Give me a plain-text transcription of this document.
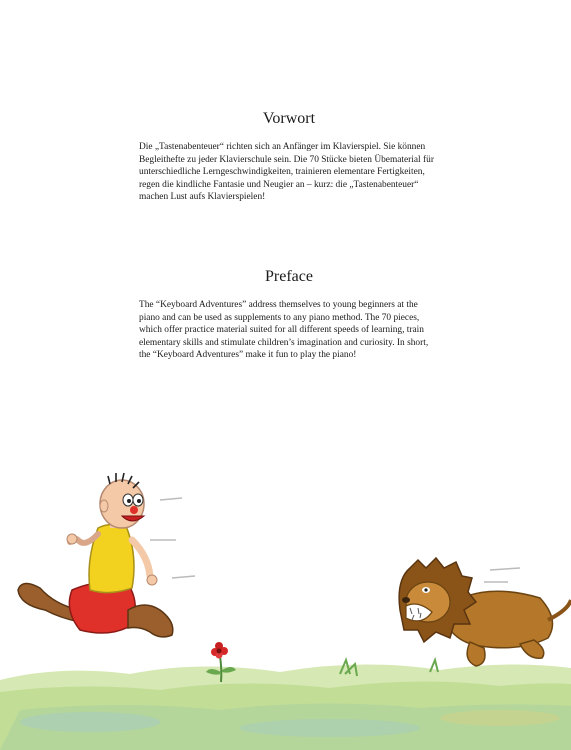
Vorwort

Die „Tastenabenteuer“ richten sich an Anfänger im Klavierspiel. Sie können Begleithefte zu jeder Klavierschule sein. Die 70 Stücke bieten Übematerial für unterschiedliche Lerngeschwindigkeiten, trainieren elementare Fertigkeiten, regen die kindliche Fantasie und Neugier an – kurz: die „Tastenabenteuer“ machen Lust aufs Klavierspielen!

Preface

The “Keyboard Adventures” address themselves to young beginners at the piano and can be used as supplements to any piano method. The 70 pieces, which offer practice material suited for all different speeds of learning, train elementary skills and stimulate children’s imagination and curiosity. In short, the “Keyboard Adventures” make it fun to play the piano!
